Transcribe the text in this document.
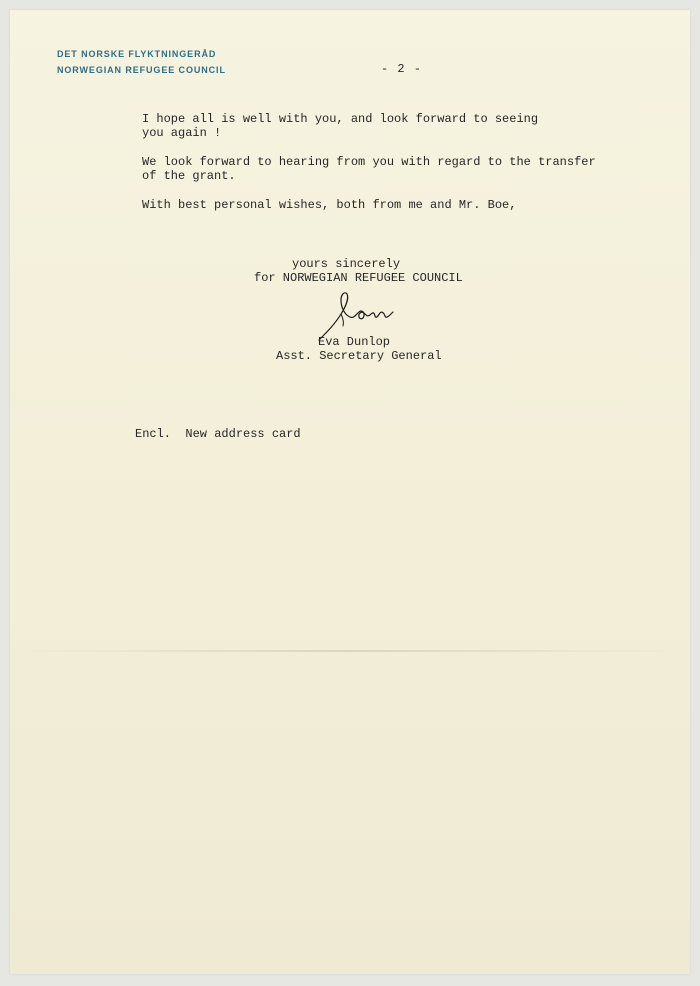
DET NORSKE FLYKTNINGERÅD
NORWEGIAN REFUGEE COUNCIL	- 2 -

I hope all is well with you, and look forward to seeing
you again !

We look forward to hearing from you with regard to the transfer
of the grant.

With best personal wishes, both from me and Mr. Boe,

yours sincerely
for NORWEGIAN REFUGEE COUNCIL
Eva Dunlop
Asst. Secretary General
Encl.  New address card
